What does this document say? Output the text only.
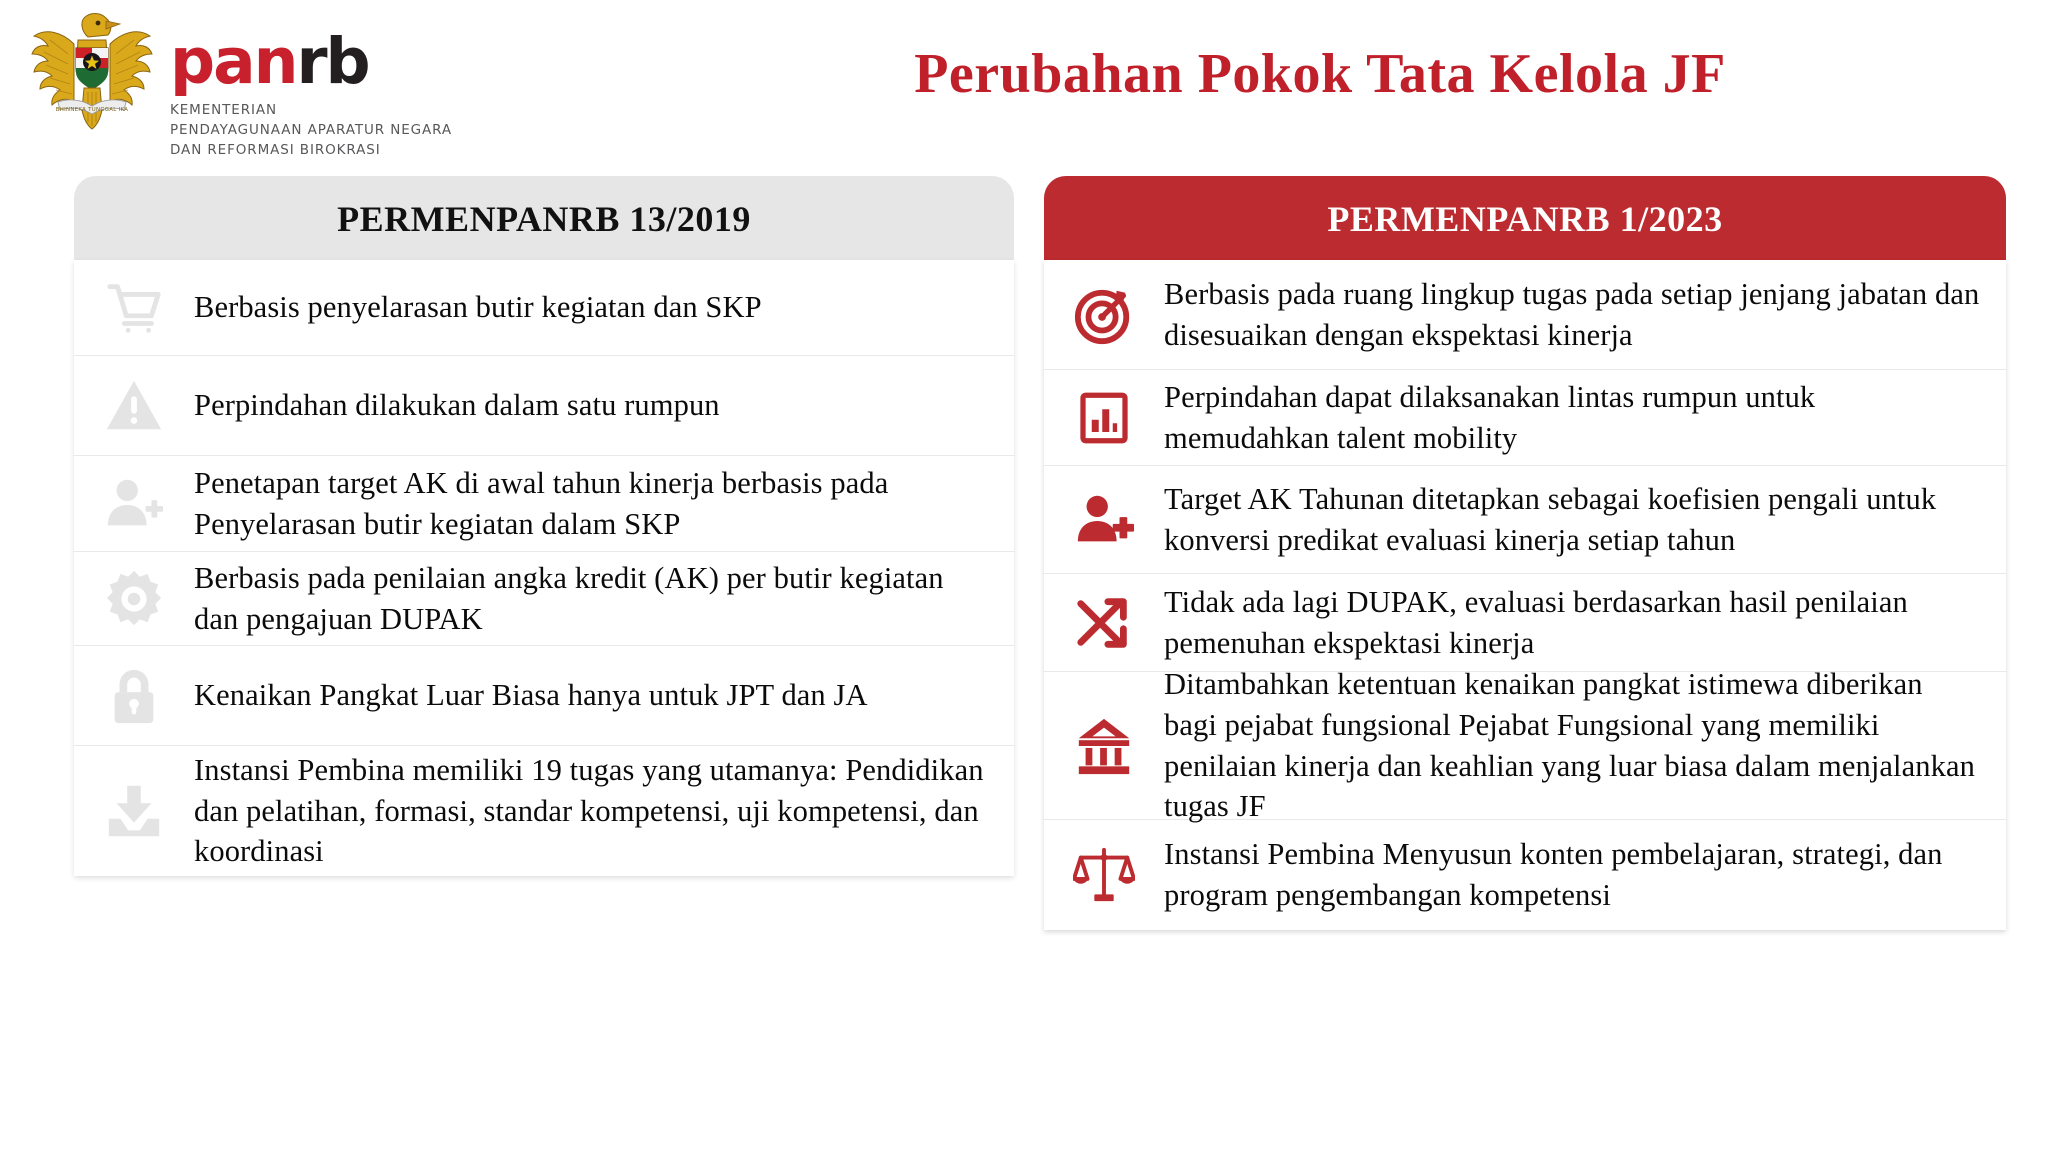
BHINNEKA TUNGGAL IKA
panrb
KEMENTERIAN
PENDAYAGUNAAN APARATUR NEGARA
DAN REFORMASI BIROKRASI
Perubahan Pokok Tata Kelola JF
PERMENPANRB 13/2019
Berbasis penyelarasan butir kegiatan dan SKP
Perpindahan dilakukan dalam satu rumpun
Penetapan target AK di awal tahun kinerja berbasis pada Penyelarasan butir kegiatan dalam SKP
Berbasis pada penilaian angka kredit (AK) per butir kegiatan dan pengajuan DUPAK
Kenaikan Pangkat Luar Biasa hanya untuk JPT dan JA
Instansi Pembina memiliki 19 tugas yang utamanya: Pendidikan dan pelatihan, formasi, standar kompetensi, uji kompetensi, dan koordinasi
PERMENPANRB 1/2023
Berbasis pada ruang lingkup tugas pada setiap jenjang jabatan dan disesuaikan dengan ekspektasi kinerja
Perpindahan dapat dilaksanakan lintas rumpun untuk memudahkan talent mobility
Target AK Tahunan ditetapkan sebagai koefisien pengali untuk konversi predikat evaluasi kinerja setiap tahun
Tidak ada lagi DUPAK, evaluasi berdasarkan hasil penilaian pemenuhan ekspektasi kinerja
Ditambahkan ketentuan kenaikan pangkat istimewa diberikan bagi pejabat fungsional Pejabat Fungsional yang memiliki penilaian kinerja dan keahlian yang luar biasa dalam menjalankan tugas JF
Instansi Pembina Menyusun konten pembelajaran, strategi, dan program pengembangan kompetensi
